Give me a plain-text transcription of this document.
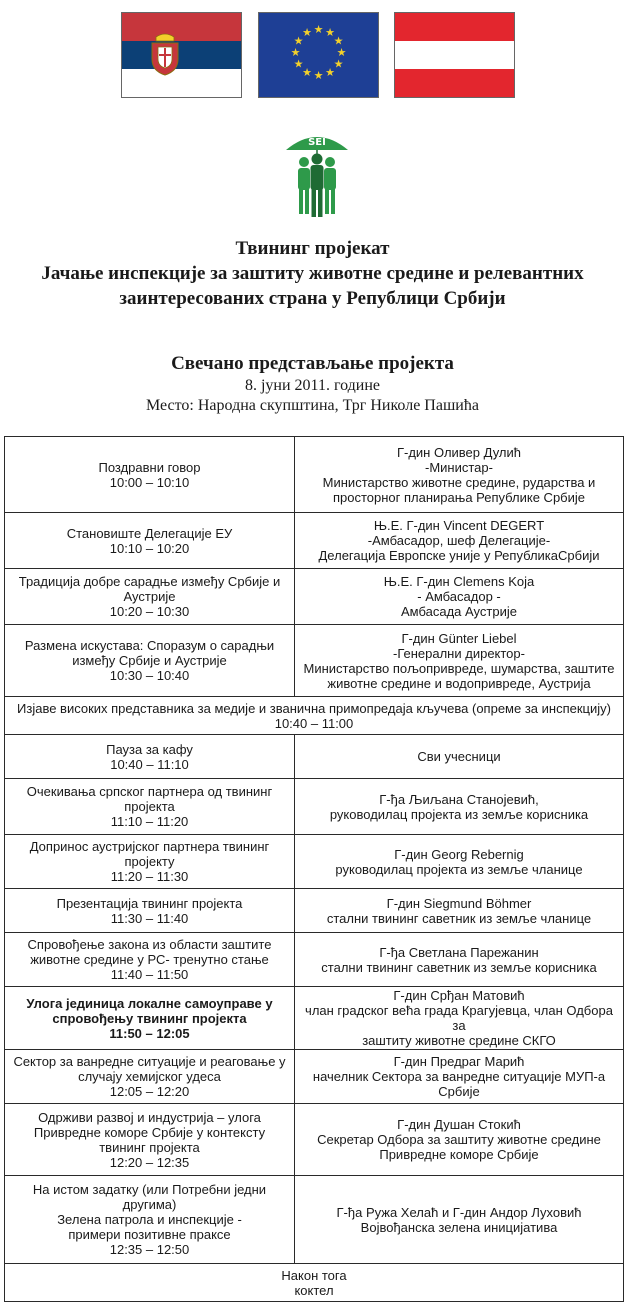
★ ★
★
★
★
★
★
★
★
★
★
★
SEI
Твининг пројекат
Јачање инспекције за заштиту животне средине и релевантних
заинтересованих страна у Републици Србији
Свечано представљање пројекта
8. јуни 2011. године
Место: Народна скупштина, Трг Николе Пашића
Поздравни говор
10:00 – 10:10	Г-дин Оливер Дулић
-Министар-
Министарство животне средине, рударства и
просторног планирања Републике Србије

Становиште Делегације ЕУ
10:10 – 10:20	Њ.Е. Г-дин Vincent DEGERT
-Амбасадор, шеф Делегације-
Делегација Европске уније у РепубликаСрбији

Традиција добре сарадње између Србије и
Аустрије
10:20 – 10:30	Њ.Е. Г-дин Clemens Koja
- Амбасадор -
Амбасада Аустрије

Размена искустава: Споразум о сарадњи
између Србије и Аустрије
10:30 – 10:40	Г-дин Günter Liebel
-Генерални директор-
Министарство пољопривреде, шумарства, заштите
животне средине и водопривреде, Аустрија

Изјаве високих представника за медије и званична примопредаја кључева (опреме за инспекцију)
10:40 – 11:00	

Пауза за кафу
10:40 – 11:10	Сви учесници

Очекивања српског партнера од твининг
пројекта
11:10 – 11:20	Г-ђа Љиљана Станојевић,
руководилац пројекта из земље корисника

Допринос аустријског партнера твининг
пројекту
11:20 – 11:30	Г-дин Georg Rebernig
руководилац пројекта из земље чланице

Презентација твининг пројекта
11:30 – 11:40	Г-дин Siegmund Böhmer
стални твининг саветник из земље чланице

Спровођење закона из области заштите
животне средине у РС- тренутно стање
11:40 – 11:50	Г-ђа Светлана Парежанин
стални твининг саветник из земље корисника

Улога јединица локалне самоуправе у
спровођењу твининг пројекта
11:50 – 12:05	Г-дин Срђан Матовић
члан градског већа града Крагујевца, члан Одбора за
заштиту животне средине СКГО

Сектор за ванредне ситуације и реаговање у
случају хемијског удеса
12:05 – 12:20	Г-дин Предраг Марић
начелник Сектора за ванредне ситуације МУП-а
Србије

Одрживи развој и индустрија – улога
Привредне коморе Србије у контексту
твининг пројекта
12:20 – 12:35	Г-дин Душан Стокић
Секретар Одбора за заштиту животне средине
Привредне коморе Србије

На истом задатку (или Потребни једни
другима)
Зелена патрола и инспекције -
примери позитивне праксе
12:35 – 12:50	Г-ђа Ружа Хелаћ и Г-дин Андор Луховић
Војвођанска зелена иницијатива

Након тога
коктел	
